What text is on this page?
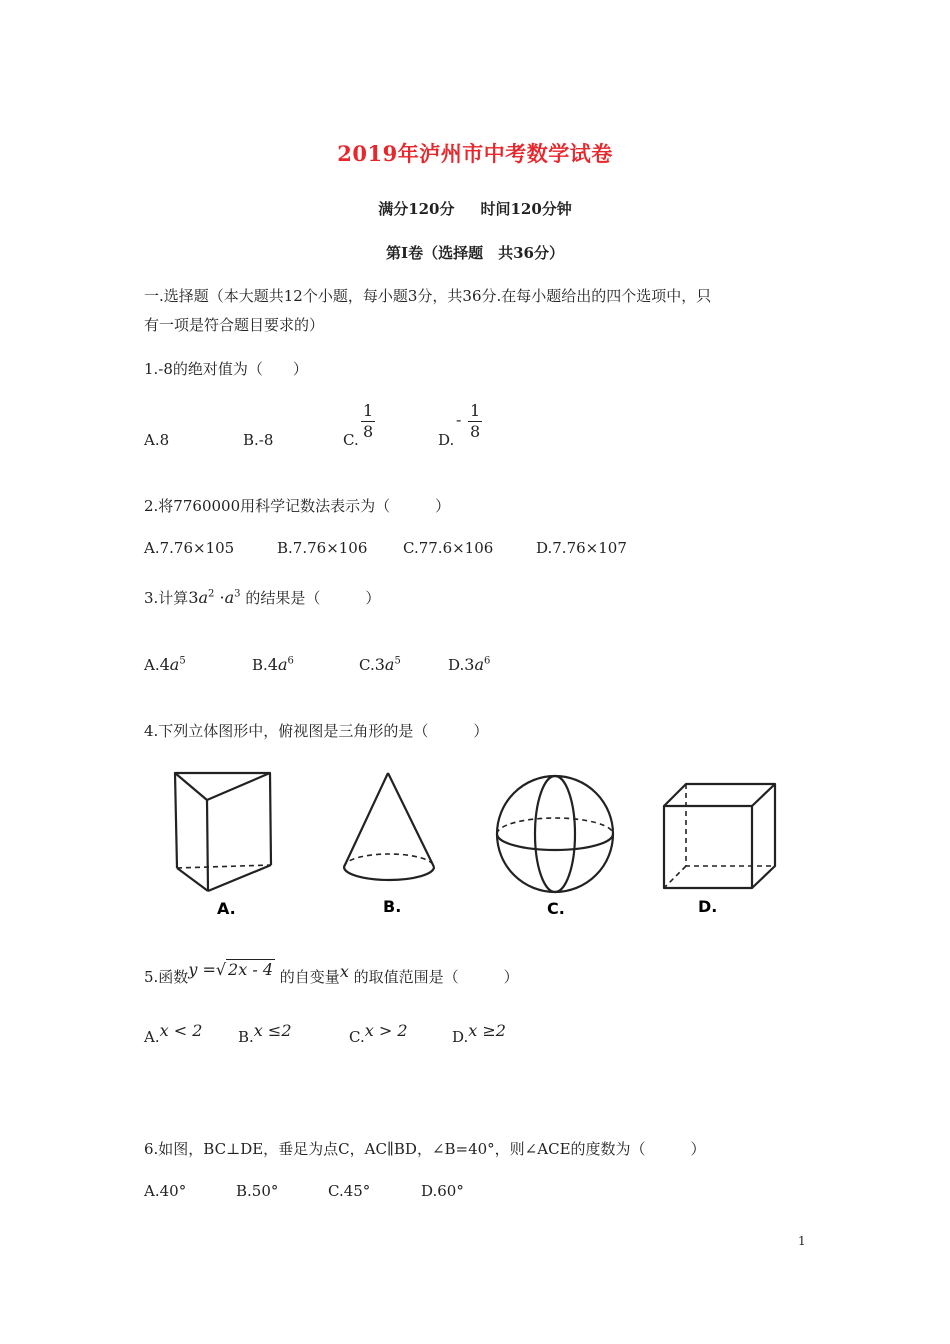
2019年泸州市中考数学试卷
满分120分 时间120分钟
第I卷（选择题　共36分）
一.选择题（本大题共12个小题，每小题3分，共36分.在每小题给出的四个选项中，只
有一项是符合题目要求的）
1.-8的绝对值为（　　）
A.8	B.-8	C. $\frac{1}{8}$	D.
- $\frac{1}{8}$
2.将7760000用科学记数法表示为（　　　）
A.7.76×105	B.7.76×106 C.77.6×106	D.7.76×107
3.计算$3a^2 \cdot a^3$ 的结果是（　　　）
$A.4a^5$	$B.4a^6$	$C.3a^5$	$D.3a^6$
4.下列立体图形中，俯视图是三角形的是（　　　）
A.	B.	C.	D.
5.函数y =√ 2x - 4 的自变量x 的取值范围是（　　　）
A.x < 2 B.x ≤2	C.x > 2	D.x ≥2
6.如图，BC⊥DE，垂足为点C，AC∥BD，∠B=40°，则∠ACE的度数为（　　　）
A.40°	B.50°	C.45°	D.60°
1
